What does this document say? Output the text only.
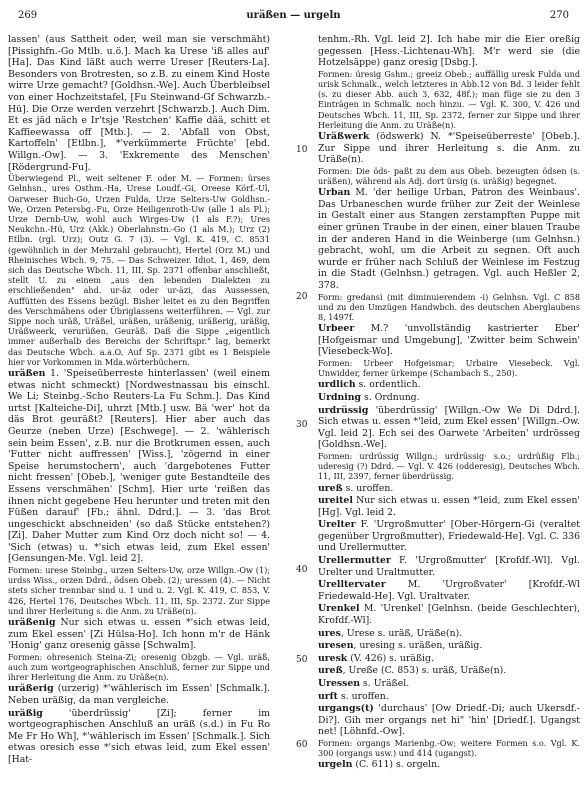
269	uräßen — urgeln	270

lassen' (aus Sattheit oder, weil man sie verschmäht) [Pissighfn.-Go Mtlb. u.ö.]. Mach ka Urese 'iß alles auf' [Ha]. Das Kind läßt auch werre Ureser [Reuters-La]. Besonders von Brotresten, so z.B. zu einem Kind Hoste wirre Urze gemacht? [Goldhsn.-We]. Auch Überbleibsel von einer Hochzeitstafel, [Fu Steinwand-Gf Schwarzb.-Hü]. Die Orze werden verzehrt [Schwarzb.]. Auch Dim. Et es jäd näch e Ir'tsje 'Restchen' Kaffie dää, schitt et Kaffieewassa off [Mtb.]. — 2. 'Abfall von Obst, Kartoffeln' [Etlbn.], *'verkümmerte Früchte' [ebd. Willgn.-Ow]. — 3. 'Exkremente des Menschen' [Rödergrund-Fu].

Überwiegend Pl., weit seltener F. oder M. — Formen: ürses Gelnhsn., ures Osthm.-Ha, Urese Loudf.-Gi, Oreese Körf.-Ul, Oarweser Buch-Go, Urzen Fulda, Urze Selters-Uw Goldhsn.-We, Orzen Petersbg.-Fu, Orze Heiligenroth-Uw (alle 1 als Pl.); Urze Dernb-Uw, wohl auch Wirges-Uw (1 als F.?); Ures Neukchn.-Hü, Urz (Akk.) Oberlahnstn.-Go (1 als M.); Urz (2) Etlbn. (rgl. Urz); Outz G. 7 (3). — Vgl. K. 419, C. 8531 (gewöhnlich in der Mehrzahl gebraucht), Hertel (Orz M.) und Rheinisches Wbch. 9, 75. — Das Schweizer. Idiot. 1, 469, dem sich das Deutsche Wbch. 11, III, Sp. 2371 offenbar anschließt, stellt U. zu einem „aus den lebenden Dialekten zu erschließenden" ahd. ur-äz oder ur-äzi, das Aussessen, Auffütten des Essens bezügl. Bisher leitet es zu den Begriffen des Verschmähens oder Übriglassens weiterführen. — Vgl. zur Sippe noch uräß, Uräßel, uräßen, uräßenig, uräßerig, uräßig, Uräßweerk, verurüßen, Geuräß. Daß die Sippe „eigentlich immer außerhalb des Bereichs der Schriftspr." lag, bemerkt das Deutsche Wbch. a.a.O. Auf Sp. 2371 gibt es 1 Beispiele hier vor Vorkommen in Mda.wörterbüchern.

uräßen 1. 'Speiseüberreste hinterlassen' (weil einem etwas nicht schmeckt) [Nordwestnassau bis einschl. We Li; Steinbg.-Scho Reuters-La Fu Schm.]. Das Kind urtst [Kalteiche-Di], uhrzt [Mtb.] usw. Bä 'wer' hot da däs Brot geuräßt? [Reuters]. Hier aber auch das Geurze (neben Urze) [Eschwege]. — 2. 'wählerisch sein beim Essen', z.B. nur die Brotkrumen essen, auch 'Futter nicht auffressen' [Wiss.], 'zögernd in einer Speise herumstochern', auch 'dargebotenes Futter nicht fressen' [Obeb.], 'weniger gute Bestandteile des Essens verschmähen' [Schm]. Hier urte 'reißen das ihnen nicht gegebene Heu herunter und treten mit den Füßen darauf' [Fb.; ähnl. Ddrd.]. — 3. 'das Brot ungeschickt abschneiden' (so daß Stücke entstehen?) [Zi]. Daher Mutter zum Kind Orz doch nicht so! — 4. 'Sich (etwas) u. *'sich etwas leid, zum Ekel essen' [Gensungen-Me. Vgl. leid 2].

Formen: urese Steinbg., urzen Selters-Uw, orze Willgn.-Ow (1); urdss Wiss., orzen Ddrd., ödsen Obeb. (2); uressen (4). — Nicht stets sicher trennbar sind u. 1 und u. 2. Vgl. K. 419, C. 853, V. 426, Hertel 176, Deutsches Wbch. 11, III, Sp. 2372. Zur Sippe und ihrer Herleitung s. die Anm. zu Uräße(n).

uräßenig Nur sich etwas u. essen *'sich etwas leid, zum Ekel essen' [Zi Hülsa-Ho]. Ich honn m'r de Hänk 'Honig' ganz oresenig gässe [Schwalm].

Formen: ohresenich Steina-Zi; oresenig Obzgb. — Vgl. uräß, auch zum wortgeographischen Anschluß, ferner zur Sippe und ihrer Herleitung die Anm. zu Uräße(n).

uräßerig (urzerig) *'wählerisch im Essen' [Schmalk.]. Neben uräßig, da man vergleiche.

uräßig 'überdrüssig' [Zi]; ferner im wortgeographischen Anschluß an uräß (s.d.) in Fu Ro Me Fr Ho Wh], *'wählerisch im Essen' [Schmalk.]. Sich etwas oresich esse *'sich etwas leid, zum Ekel essen' [Hat-

tenhm.-Rh. Vgl. leid 2]. Ich habe mir die Eier oreßig gegessen [Hess.-Lichtenau-Wh]. M'r werd sie (die Hotzelsäppe) ganz oresig [Dsbg.].

Formen: üresig Gshm.; greeiz Obeb.; auffällig uresk Fulda und urisk Schmalk., welch letzteres in Abb.12 von Bd. 3 leider fehlt (s. zu dieser Abb. auch 3, 632, 48f.); man füge sie zu den 3 Einträgen in Schmalk. noch hinzu. — Vgl. K. 300, V. 426 und Deutsches Wbch. 11, III, Sp. 2372, ferner zur Sippe und ihrer Herleitung die Anm. zu Uräße(n).

Uräßwerk (ödswerk) N. *'Speiseüberreste' [Obeb.]. Zur Sippe und ihrer Herleitung s. die Anm. zu Uräße(n).

Formen: Die öds- paßt zu dem aus Obeb. bezeugten ödsen (s. uräßen), während als Adj. dort ürsig (s. uräßig) begegnet.

Urban M. 'der heilige Urban, Patron des Weinbaus'. Das Urbaneschen wurde früher zur Zeit der Weinlese in Gestalt einer aus Stangen zerstampften Puppe mit einer grünen Traube in der einen, einer blauen Traube in der anderen Hand in die Weinberge (um Gelnhsn.) gebracht, wohl, um die Arbeit zu segnen. Oft auch wurde er früher nach Schluß der Weinlese im Festzug in die Stadt (Gelnhsn.) getragen. Vgl. auch Heßler 2, 378.

Form: gredansi (mit diminuierendem -i) Gelnhsn. Vgl. C 858 und zu den Umzügen Handwbch. des deutschen Aberglaubens 8, 1497f.

Urbeer M.? 'unvollständig kastrierter Eber' [Hofgeismar und Umgebung], 'Zwitter beim Schwein' [Viesebeck-Wo].

Formen: Urbeer Hofgeismar; Urbaire Viesebeck. Vgl. Unwidder, ferner ürkempe (Schambach S., 250).

urdlich s. ordentlich.

Urdning s. Ordnung.

urdrüssig 'überdrüssig' [Willgn.-Ow We Di Ddrd.]. Sich etwas u. essen *'leid, zum Ekel essen' [Willgn.-Ow. Vgl. leid 2]. Ech sei des Oarwete 'Arbeiten' urdrösseg [Goldhsn.-We].

Formen: urdrüssig Willgn.; urdrüssig· s.o.; urdrüßig Flb.; uderesig (?) Ddrd. — Vgl. V. 426 (odderesig), Deutsches Wbch. 11, III, 2397, ferner überdrüssig.

ureß s. uroffen.

ureitel Nur sich etwas u. essen *'leid, zum Ekel essen' [Hg]. Vgl. leid 2.

Urelter F. 'Urgroßmutter' [Ober-Hörgern-Gi (veraltet gegenüber Urgroßmutter), Friedewald-He]. Vgl. C. 336 und Urellermutter.

Urellermutter F. 'Urgroßmutter' [Krofdf.-Wl]. Vgl. Urelter und Uraltmutter.

Urelltervater M. 'Urgroßvater' [Krofdf.-Wl Friedewald-He]. Vgl. Uraltvater.

Urenkel M. 'Urenkel' [Gelnhsn. (beide Geschlechter), Krofdf.-Wl].

ures, Urese s. uräß, Uräße(n).

uresen, uresing s. uräßen, uräßig.

uresk (V. 426) s. uräßig.

ureß, Ureße (C. 853) s. uräß, Uräße(n).

Uressen s. Uräßel.

urft s. uroffen.

urgangs(t) 'durchaus' [Ow Driedf.-Di; auch Ukersdf.-Di?]. Gih mer organgs net hi" 'hin' [Driedf.]. Ugangst net! [Löhnfd.-Ow].

Formen: organgs Marienbg.-Ow; weitere Formen s.o. Vgl. K. 300 (organgs usw.) und 414 (ugangst).

urgeln (C. 611) s. orgeln.

10
20
30
40
50
60
